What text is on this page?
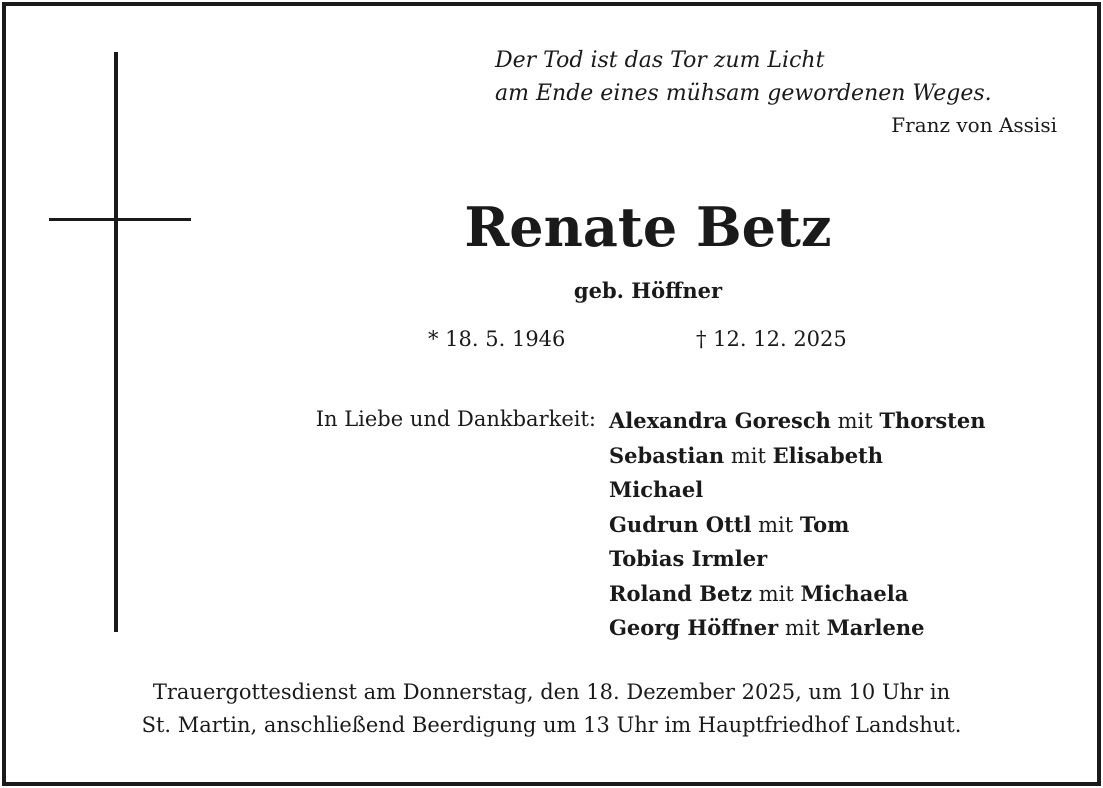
Der Tod ist das Tor zum Licht
am Ende eines mühsam gewordenen Weges.
Franz von Assisi
Renate Betz
geb. Höffner
* 18. 5. 1946	† 12. 12. 2025
In Liebe und Dankbarkeit: Alexandra Goresch mit Thorsten
Sebastian mit Elisabeth
Michael
Gudrun Ottl mit Tom
Tobias Irmler
Roland Betz mit Michaela
Georg Höffner mit Marlene
Trauergottesdienst am Donnerstag, den 18. Dezember 2025, um 10 Uhr in
St. Martin, anschließend Beerdigung um 13 Uhr im Hauptfriedhof Landshut.
